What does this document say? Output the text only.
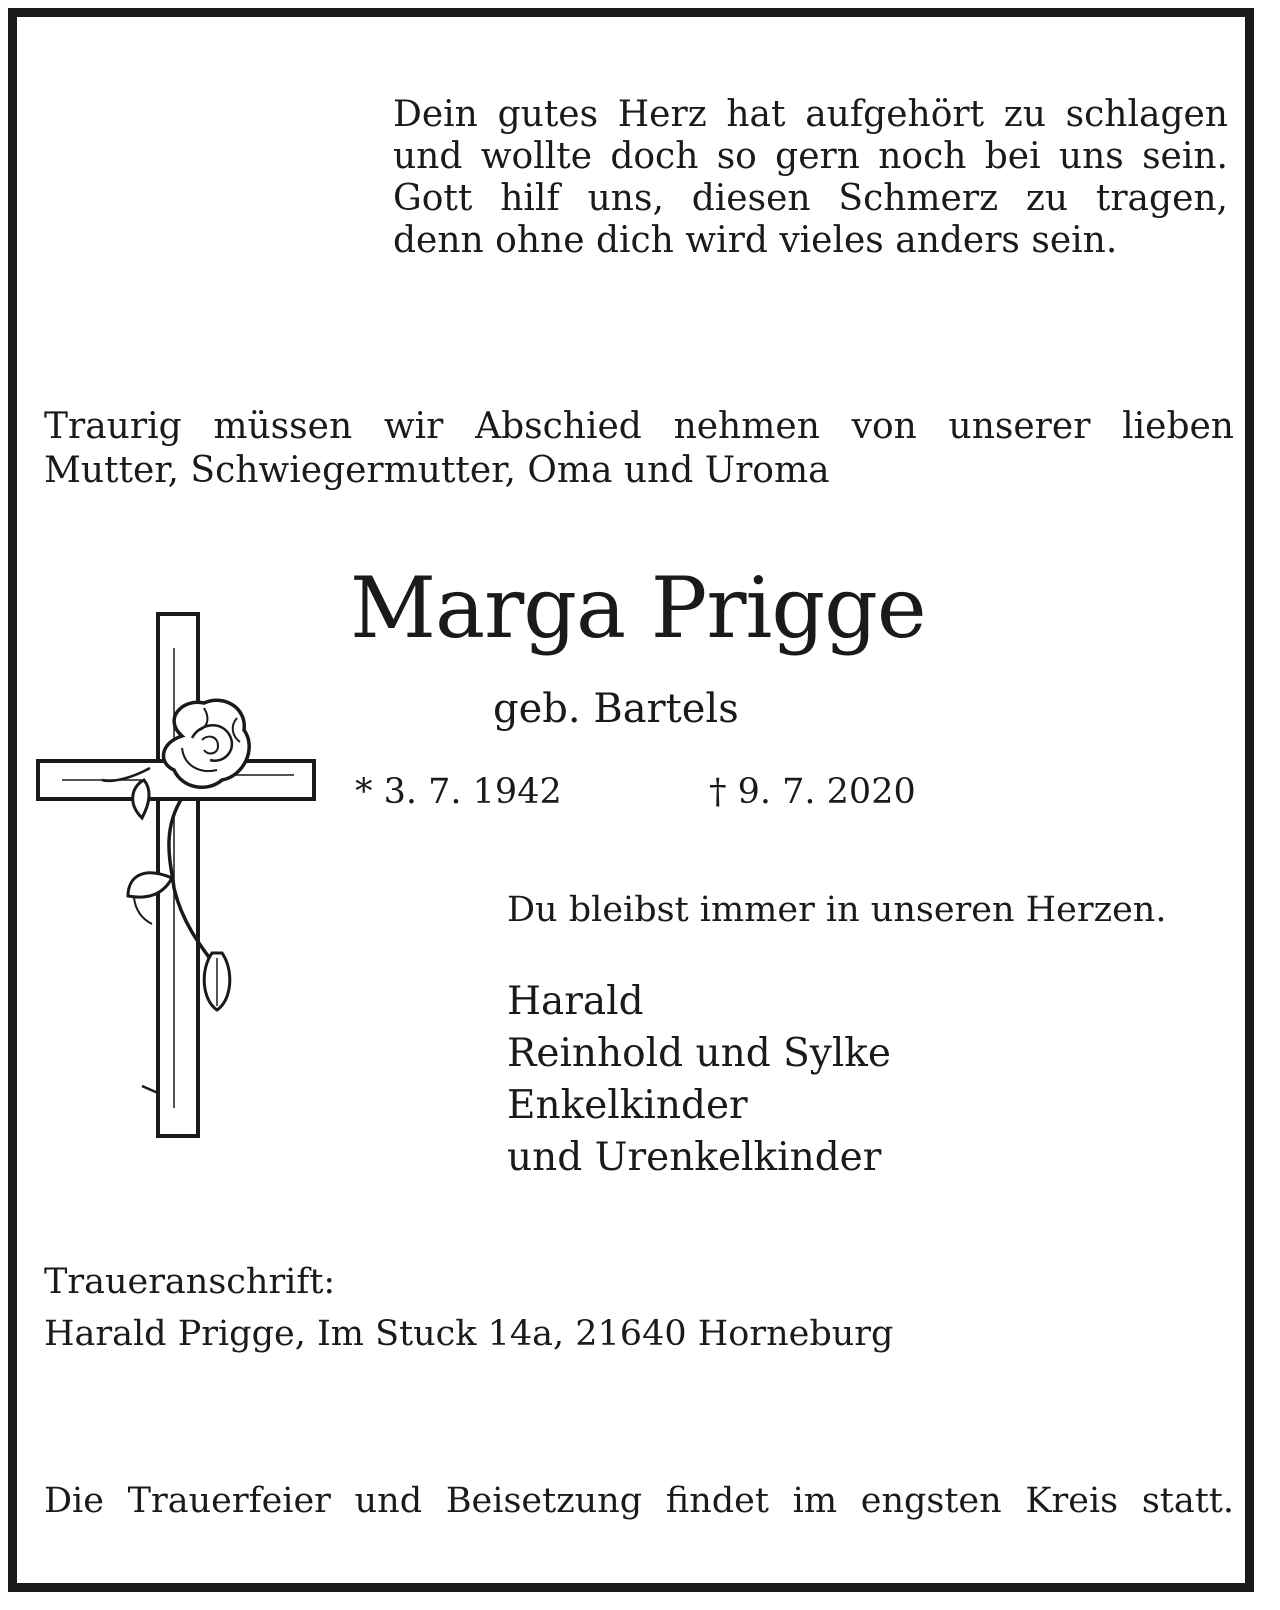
Dein gutes Herz hat aufgehört zu schlagen und wollte doch so gern noch bei uns sein. Gott hilf uns, diesen Schmerz zu tragen, denn ohne dich wird vieles anders sein.

Traurig müssen wir Abschied nehmen von unserer lieben Mutter, Schwiegermutter, Oma und Uroma

Marga Prigge

geb. Bartels

* 3. 7. 1942	† 9. 7. 2020

Du bleibst immer in unseren Herzen.

Harald
Reinhold und Sylke
Enkelkinder
und Urenkelkinder

Traueranschrift:

Harald Prigge, Im Stuck 14a, 21640 Horneburg

Die Trauerfeier und Beisetzung findet im engsten Kreis statt.
